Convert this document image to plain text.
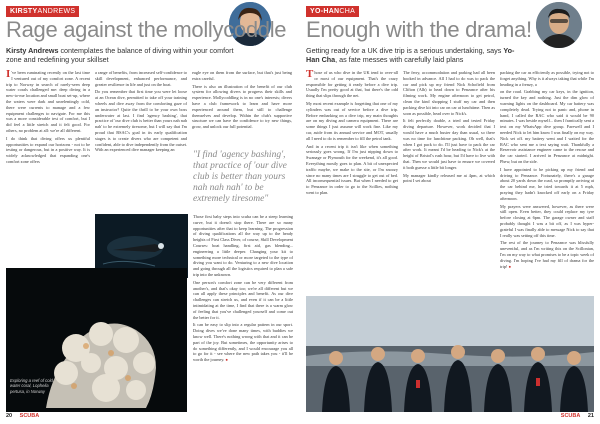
KIRSTYANDREWS
Rage against the mollycoddle
Kirsty Andrews contemplates the balance of diving within your comfort zone and redefining your skillset

I 've been ruminating recently on the last time I ventured out of my comfort zone. A recent trip to Norway in search of rarely-seen deep water corals challenged me: deep diving in a new-to-me location and small boat set-up, where the waters were dark and unrelentingly cold, there were currents to manage and a few equipment challenges to navigate. For me this was a more considerable test of comfort, but I did feel a little stretch and it felt good. For others, no problem at all: we're all different.

I do think that diving offers us plentiful opportunities to expand our horizons - not to be testing or dangerous, but in a positive way. It is widely acknowledged that expanding one's comfort zone offers

a range of benefits, from increased self-confidence to skill development, enhanced performance, and greater resilience in life and just on the boat.

Do you remember that first time you were let loose at an Ocean dive, permitted to take off your training wheels and dive away from the comforting gaze of an instructor? Quite the thrill to be your own boss underwater at last. I find 'agency bashing', that practice of 'our dive club is better than yours nah nah nah' to be extremely tiresome, but I will say that I'm proud that BSAC's goal in its early qualification stages is to create divers who are competent and confident, able to dive independently from the outset. With an experienced dive manager keeping an

eagle eye on them from the surface, but that's just being extra careful.

There is also an illustration of the benefit of our club system for allowing divers to progress their skills and experience. Mollycoddling is in no one's interests; divers have a club framework to learn and have more experienced around them, but still to challenge themselves and develop. Within the club's supportive structure we can have the confidence to try new things, grow, and unlock our full potential.

"I find 'agency bashing', that practice of 'our dive club is better than yours nah nah nah' to be extremely tiresome"

Those first baby steps into scuba can be a steep learning curve, but it doesn't stop there. There are so many opportunities after that to keep learning. The progression of diving qualifications all the way up to the heady heights of First Class Diver, of course, Skill Development Courses: boat handling, first aid, gas blending... engineering a little deeper. Changing your kit to something more technical or more targeted to the type of diving you want to do. Venturing to a new dive location and going through all the logistics required to plan a safe trip into the unknown.

One person's comfort zone can be very different from another's, and that's okay too; we're all different but we can all apply these principles and benefit. As our dive challenges can stretch us, and even if it can be a little intimidating at the time, I find that there is a warm glow of feeling that you've challenged yourself and come out the better for it.

It can be easy to slip into a regular pattern in our sport. Doing dives we've done many times, with buddies we know well. There's nothing wrong with that and it can be part of the joy. But sometimes, the opportunity arises to do something differently, and I would encourage you all to go for it - see where the new path takes you - it'll be worth the journey. ●

Exploring a reef of cold water coral, Lophelia pertusa, in Norway
20 SCUBA
YO-HANCHA
Enough with the drama!
Getting ready for a UK dive trip is a serious undertaking, says Yo-Han Cha, as fate messes with carefully laid plans

Those of us who dive in the UK tend to over-all or most of our equipment. That's the crazy responsible for getting it ready before a dive trip. Usually I'm pretty good at that, but there's the odd thing that slips through the net.

My most recent example is forgetting that one of my cylinders was out of service before a dive trip. Before embarking on a dive trip, my main thoughts are on my diving and camera equipment. There are some things I just assume will work fine. Like my car, aside from its annual service and MOT, usually all I need to do is remember to fill the petrol tank.

And in a recent trip it isn't like when something seriously goes wrong. If I'm just nipping down to Swanage or Plymouth for the weekend, it's all good. Everything mostly goes to plan. A bit of unexpected traffic maybe, we make to the site, or I'm snoozy since no many times are I struggle to get out of bed. All inconsequential issues. But when I needed to get to Penzance in order to go to the Scillies, nothing went to plan.

The ferry, accommodation and parking had all been booked in advance. All I had to do was to pack the car and pick up my friend Nick Schofield from Clifton (Alb) to head down to Penzance after his filming work. My engine afternoon to get petrol, clean the kind shopping I stuff my car and then packing dive kit into car on car at lunchtime. Then as soon as possible, head over to Nick's.

It felt perfectly doable, a tried and tested Friday diving departure. However, work decided that I would have a much busier day than usual, so there was no time for lunchtime packing. Oh well, that's when I got pack to do. I'll just have to pack the car after work. It meant I'd be heading to Nick's at the height of Bristol's rush hour, but I'd have to live with that. Then we would just have to ensure we covered it both guesse a little bit longer.

My manager kindly released me at 4pm, at which point I set about

packing the car as efficiently as possible, trying not to forget anything. Why is it always taking that while I'm heading in a frenzy, a

on the road. Grabbing my car keys, in the ignition, turned the key and nothing. Just the dim glow of warning lights on the dashboard. My car battery was completely dead. Trying not to panic and, phone in hand, I called the RAC who said it would be 90 minutes. I was beside myself... then I frantically sent a text on my WhatsApp dive group. Farewell and I needed Nick to let him know I was finally on my way. Nick set off. my battery went and I waited for the RAC who sent me a text saying wait. Thankfully a Reservoir assistance engineer came to the rescue and the car started. I arrived in Penzance at midnight. Phew, but on the side.

I have appointed to be picking up my friend and driving to Penzance. Fortunately, there's a garage about 20 yards down the road, so promptly arriving at the car behind me, he tried towards it at 5 mph, praying they hadn't knocked off early on a Friday afternoon.

My prayers were answered, however, as there were still open. Even better, they could replace my tyre before closing at 6pm. The garage owner and staff probably thought I was a bit off, as I was hyper-grateful I was finally able to message Nick to say that I really was setting off this time.

The rest of the journey to Penzance was blissfully uneventful, and as I'm writing this on the Scillonian, I'm on my way to what promises to be a topic week of diving. I'm hoping I've had my fill of drama for the trip! ●

SCUBA 21
